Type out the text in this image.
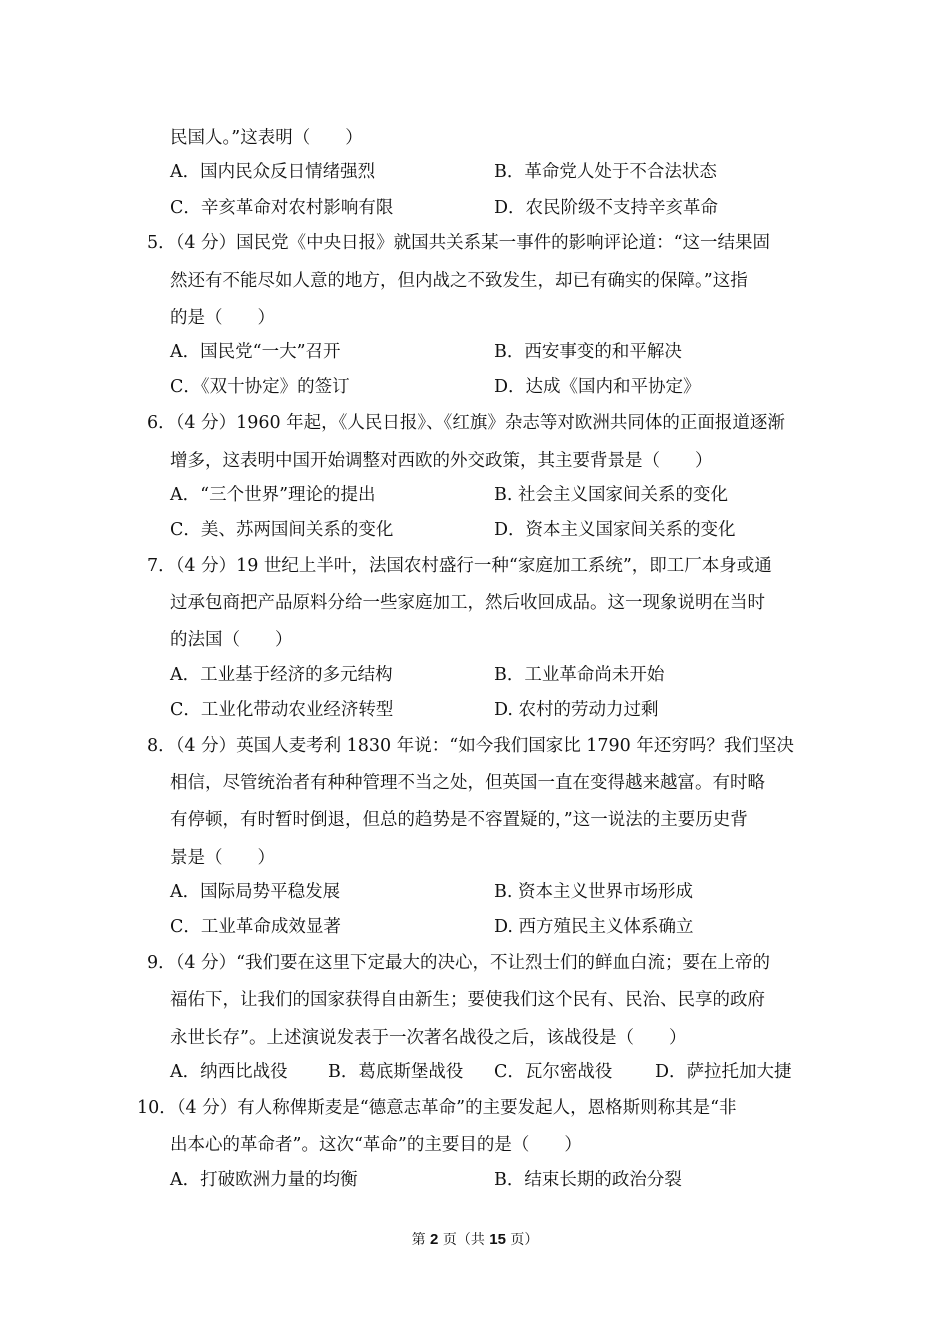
民国人。”这表明（　　）
A．国内民众反日情绪强烈	B．革命党人处于不合法状态
C．辛亥革命对农村影响有限	D．农民阶级不支持辛亥革命
5．（4 分）国民党《中央日报》就国共关系某一事件的影响评论道：“这一结果固
然还有不能尽如人意的地方，但内战之不致发生，却已有确实的保障。”这指
的是（　　）
A．国民党“一大”召开	B．西安事变的和平解决
C．《双十协定》的签订	D．达成《国内和平协定》
6．（4 分）1960 年起，《人民日报》、《红旗》杂志等对欧洲共同体的正面报道逐渐
增多，这表明中国开始调整对西欧的外交政策，其主要背景是（　　）
A．“三个世界”理论的提出	B. 社会主义国家间关系的变化
C．美、苏两国间关系的变化	D．资本主义国家间关系的变化
7．（4 分）19 世纪上半叶，法国农村盛行一种“家庭加工系统”，即工厂本身或通
过承包商把产品原料分给一些家庭加工，然后收回成品。这一现象说明在当时
的法国（　　）
A．工业基于经济的多元结构	B．工业革命尚未开始
C．工业化带动农业经济转型	D. 农村的劳动力过剩
8．（4 分）英国人麦考利 1830 年说：“如今我们国家比 1790 年还穷吗？我们坚决
相信，尽管统治者有种种管理不当之处，但英国一直在变得越来越富。有时略
有停顿，有时暂时倒退，但总的趋势是不容置疑的，”这一说法的主要历史背
景是（　　）
A．国际局势平稳发展	B. 资本主义世界市场形成
C．工业革命成效显著	D. 西方殖民主义体系确立
9．（4 分）“我们要在这里下定最大的决心，不让烈士们的鲜血白流；要在上帝的
福佑下，让我们的国家获得自由新生；要使我们这个民有、民治、民享的政府
永世长存”。上述演说发表于一次著名战役之后，该战役是（　　）
A．纳西比战役 B．葛底斯堡战役 C．瓦尔密战役 D．萨拉托加大捷
10．（4 分）有人称俾斯麦是“德意志革命”的主要发起人，恩格斯则称其是“非
出本心的革命者”。这次“革命”的主要目的是（　　）
A．打破欧洲力量的均衡	B．结束长期的政治分裂
第 2 页（共 15 页）
